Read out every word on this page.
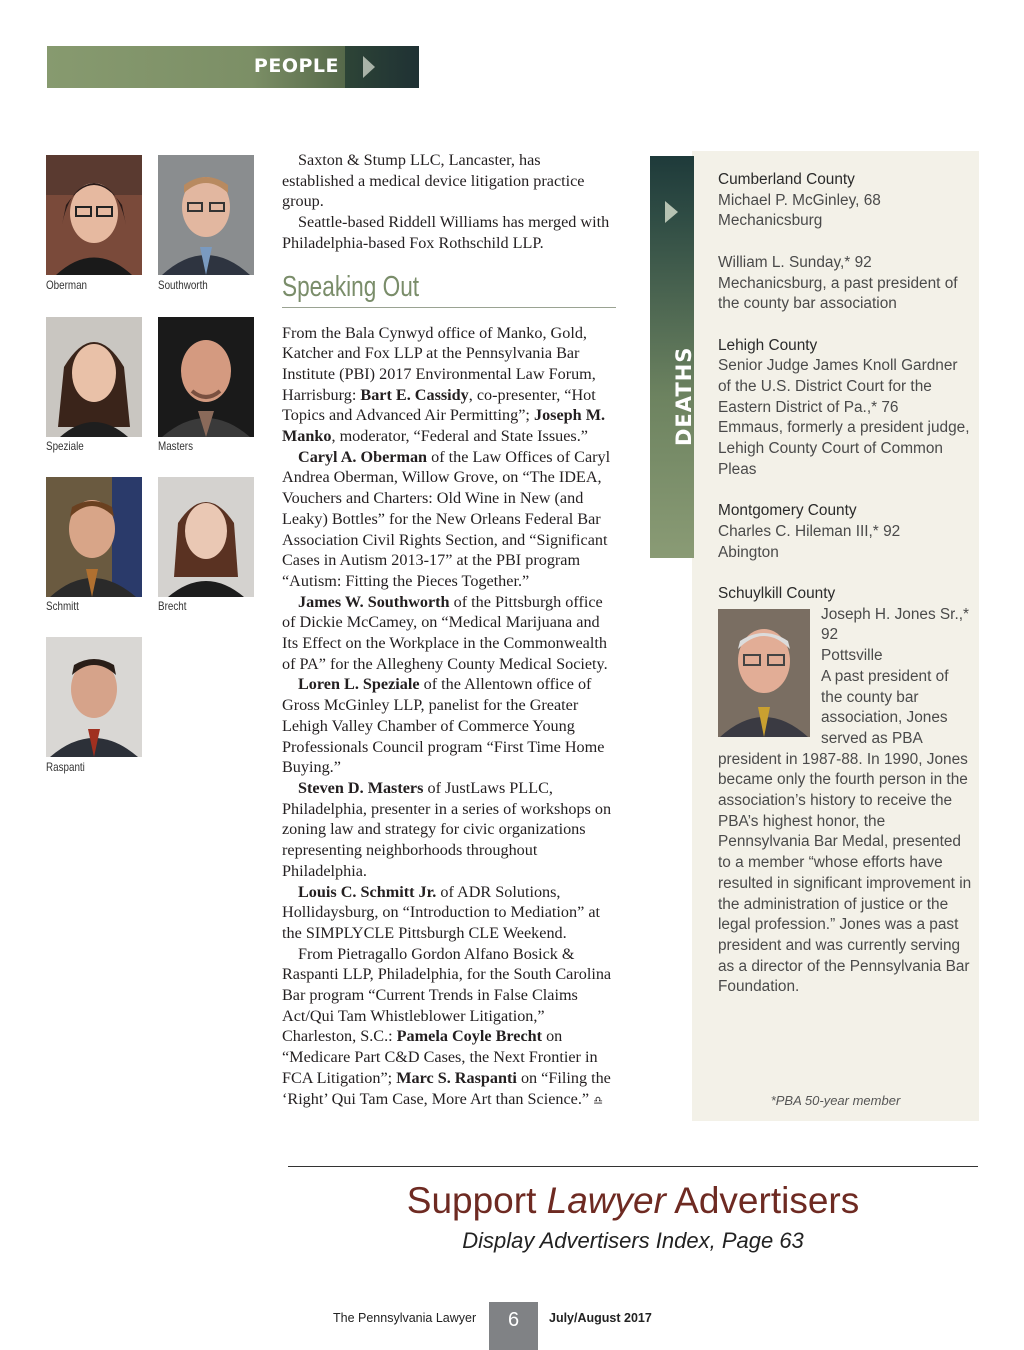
PEOPLE
Oberman	Southworth
Speziale	Masters
Schmitt	Brecht
Raspanti

Saxton & Stump LLC, Lancaster, has established a medical device litigation practice group.

Seattle-based Riddell Williams has merged with Philadelphia-based Fox Rothschild LLP.

Speaking Out

From the Bala Cynwyd office of Manko, Gold, Katcher and Fox LLP at the Pennsylvania Bar Institute (PBI) 2017 Environmental Law Forum, Harrisburg: Bart E. Cassidy, co-presenter, “Hot Topics and Advanced Air Permitting”; Joseph M. Manko, moderator, “Federal and State Issues.”

Caryl A. Oberman of the Law Offices of Caryl Andrea Oberman, Willow Grove, on “The IDEA, Vouchers and Charters: Old Wine in New (and Leaky) Bottles” for the New Orleans Federal Bar Association Civil Rights Section, and “Significant Cases in Autism 2013-17” at the PBI program “Autism: Fitting the Pieces Together.”

James W. Southworth of the Pittsburgh office of Dickie McCamey, on “Medical Marijuana and Its Effect on the Workplace in the Commonwealth of PA” for the Allegheny County Medical Society.

Loren L. Speziale of the Allentown office of Gross McGinley LLP, panelist for the Greater Lehigh Valley Chamber of Commerce Young Professionals Council program “First Time Home Buying.”

Steven D. Masters of JustLaws PLLC, Philadelphia, presenter in a series of workshops on zoning law and strategy for civic organizations representing neighborhoods throughout Philadelphia.

Louis C. Schmitt Jr. of ADR Solutions, Hollidaysburg, on “Introduction to Mediation” at the SIMPLYCLE Pittsburgh CLE Weekend.

From Pietragallo Gordon Alfano Bosick & Raspanti LLP, Philadelphia, for the South Carolina Bar program “Current Trends in False Claims Act/Qui Tam Whistleblower Litigation,” Charleston, S.C.: Pamela Coyle Brecht on “Medicare Part C&D Cases, the Next Frontier in FCA Litigation”; Marc S. Raspanti on “Filing the ‘Right’ Qui Tam Case, More Art than Science.” ♎

DEATHS
Cumberland County
Michael P. McGinley, 68
Mechanicsburg
William L. Sunday,* 92
Mechanicsburg, a past president of the county bar association
Lehigh County
Senior Judge James Knoll Gardner of the U.S. District Court for the Eastern District of Pa.,* 76
Emmaus, formerly a president judge, Lehigh County Court of Common Pleas
Montgomery County
Charles C. Hileman III,* 92
Abington
Schuylkill County
Joseph H. Jones Sr.,* 92
Pottsville
A past president of the county bar association, Jones served as PBA president in 1987-88. In 1990, Jones became only the fourth person in the association’s history to receive the PBA’s highest honor, the Pennsylvania Bar Medal, presented to a member “whose efforts have resulted in significant improvement in the administration of justice or the legal profession.” Jones was a past president and was currently serving as a director of the Pennsylvania Bar Foundation.
*PBA 50-year member
Support Lawyer Advertisers
Display Advertisers Index, Page 63
The Pennsylvania Lawyer	6	July/August 2017
